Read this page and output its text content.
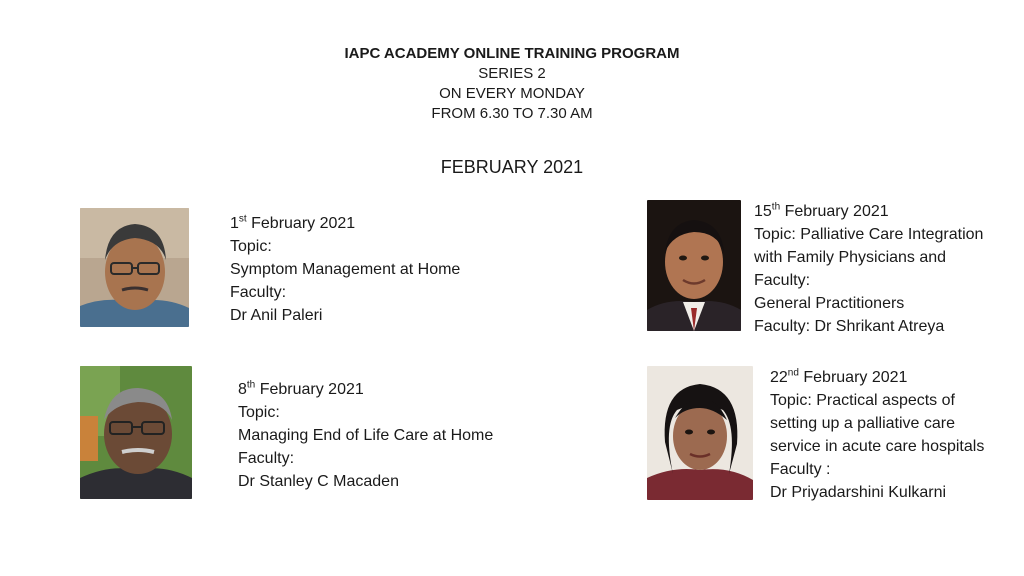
IAPC ACADEMY ONLINE TRAINING PROGRAM
SERIES 2
ON EVERY MONDAY
FROM 6.30 TO 7.30 AM
FEBRUARY 2021
1st February 2021
Topic:
Symptom Management at Home
Faculty:
Dr Anil Paleri
8th February 2021
Topic:
Managing End of Life Care at Home
Faculty:
Dr Stanley C Macaden
15th February 2021
Topic: Palliative Care Integration
with Family Physicians and
Faculty:
General Practitioners
Faculty: Dr Shrikant Atreya
22nd February 2021
Topic: Practical aspects of
setting up a palliative care
service in acute care hospitals
Faculty :
Dr Priyadarshini Kulkarni
